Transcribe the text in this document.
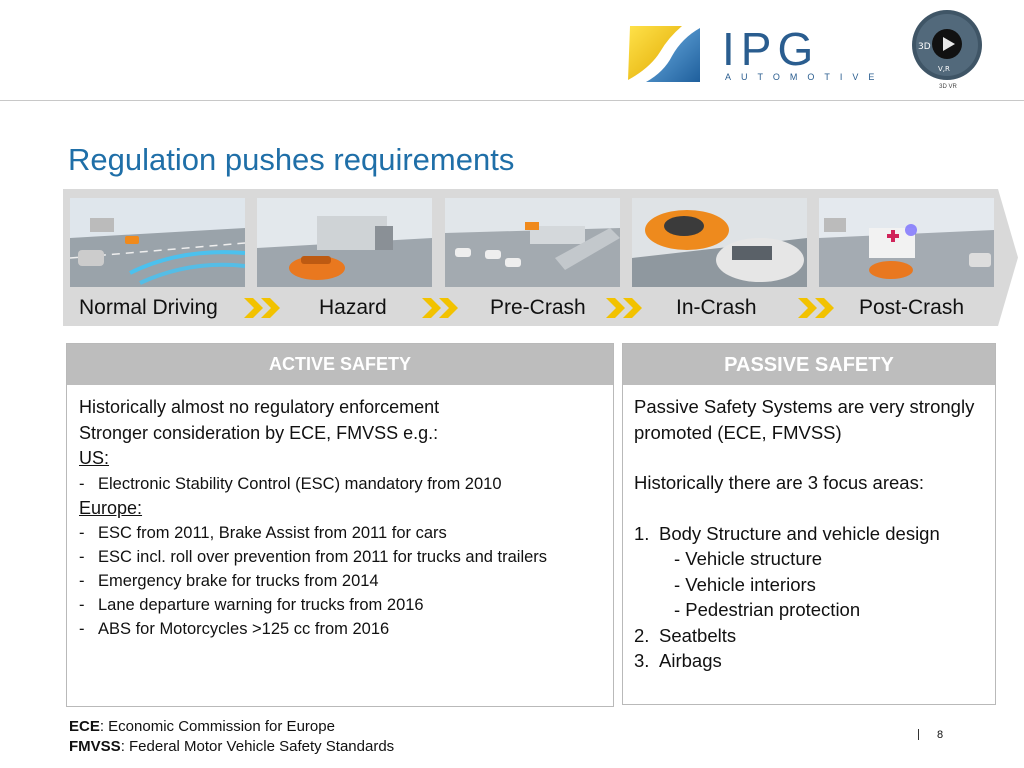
IPG
AUTOMOTIVE
3D
V,R
3D VR
Regulation pushes requirements
Normal Driving	Hazard	Pre-Crash	In-Crash	Post-Crash
ACTIVE SAFETY
Historically almost no regulatory enforcement
Stronger consideration by ECE, FMVSS e.g.:
US:
- Electronic Stability Control (ESC) mandatory from 2010
Europe:
- ESC from 2011, Brake Assist from 2011 for cars
- ESC incl. roll over prevention from 2011 for trucks and trailers
- Emergency brake for trucks from 2014
- Lane departure warning for trucks from 2016
- ABS for Motorcycles >125 cc from 2016
PASSIVE SAFETY
Passive Safety Systems are very strongly promoted (ECE, FMVSS)
Historically there are 3 focus areas:
1. Body Structure and vehicle design
- Vehicle structure
- Vehicle interiors
- Pedestrian protection
2. Seatbelts
3. Airbags
ECE: Economic Commission for Europe
FMVSS: Federal Motor Vehicle Safety Standards
8
